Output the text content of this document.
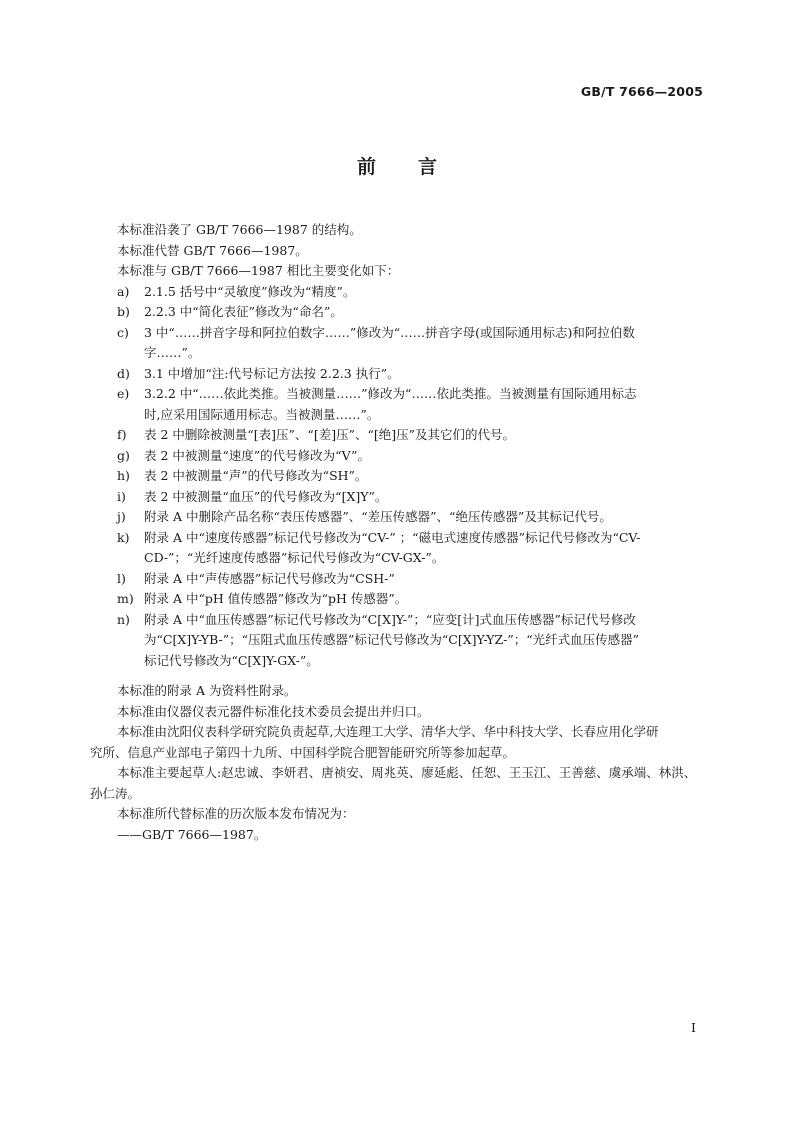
GB/T 7666—2005
前言
本标准沿袭了 GB/T 7666—1987 的结构。
本标准代替 GB/T 7666—1987。
本标准与 GB/T 7666—1987 相比主要变化如下：
a) 2.1.5 括号中“灵敏度”修改为“精度”。
b) 2.2.3 中“简化表征”修改为“命名”。
c) 3 中“……拼音字母和阿拉伯数字……”修改为“……拼音字母(或国际通用标志)和阿拉伯数
字……”。
d) 3.1 中增加“注:代号标记方法按 2.2.3 执行”。
e) 3.2.2 中“……依此类推。当被测量……”修改为“……依此类推。当被测量有国际通用标志
时,应采用国际通用标志。当被测量……”。
f) 表 2 中删除被测量“[表]压”、“[差]压”、“[绝]压”及其它们的代号。
g) 表 2 中被测量“速度”的代号修改为“V”。
h) 表 2 中被测量“声”的代号修改为“SH”。
i) 表 2 中被测量“血压”的代号修改为“[X]Y”。
j) 附录 A 中删除产品名称“表压传感器”、“差压传感器”、“绝压传感器”及其标记代号。
k) 附录 A 中“速度传感器”标记代号修改为“CV-” ；“磁电式速度传感器”标记代号修改为“CV-
CD-”；“光纤速度传感器”标记代号修改为“CV-GX-”。
l) 附录 A 中“声传感器”标记代号修改为“CSH-”
m) 附录 A 中“pH 值传感器”修改为“pH 传感器”。
n) 附录 A 中“血压传感器”标记代号修改为“C[X]Y-”；“应变[计]式血压传感器”标记代号修改
为“C[X]Y-YB-”；“压阻式血压传感器”标记代号修改为“C[X]Y-YZ-”；“光纤式血压传感器”
标记代号修改为“C[X]Y-GX-”。
本标准的附录 A 为资料性附录。
本标准由仪器仪表元器件标准化技术委员会提出并归口。
本标准由沈阳仪表科学研究院负责起草,大连理工大学、清华大学、华中科技大学、长春应用化学研
究所、信息产业部电子第四十九所、中国科学院合肥智能研究所等参加起草。
本标准主要起草人:赵忠诚、李妍君、唐祯安、周兆英、廖延彪、任恕、王玉江、王善慈、虞承端、林洪、
孙仁涛。
本标准所代替标准的历次版本发布情况为：
——GB/T 7666—1987。
I
